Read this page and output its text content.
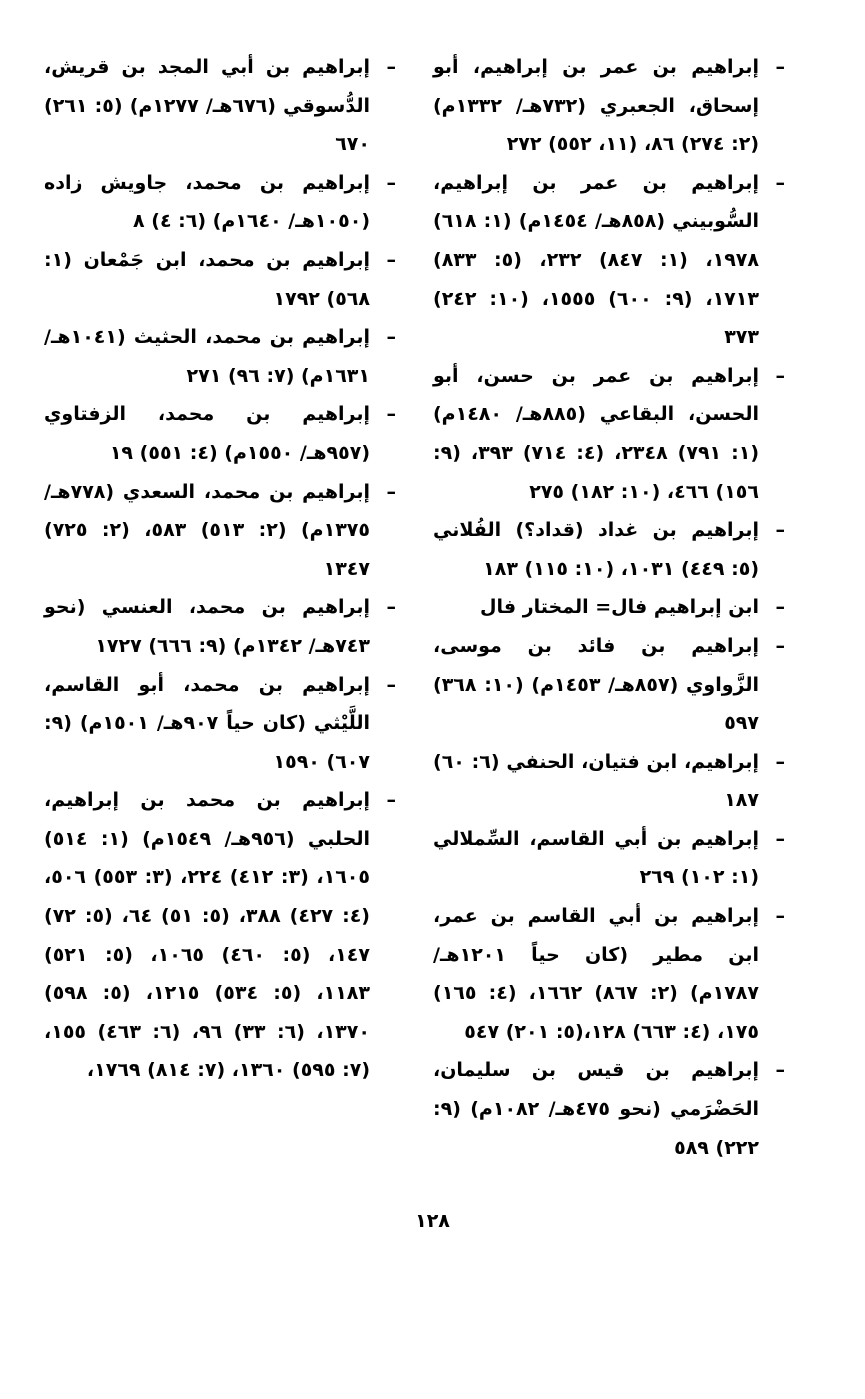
–
إبراهيم بن عمر بن إبراهيم، أبو إسحاق، الجعبري (٧٣٢هـ/ ١٣٣٢م) (٢: ٢٧٤) ٨٦، (١١، ٥٥٢) ٢٧٢
–
إبراهيم بن عمر بن إبراهيم، السُّوبيني (٨٥٨هـ/ ١٤٥٤م) (١: ٦١٨) ١٩٧٨، (١: ٨٤٧) ٢٣٢، (٥: ٨٣٣) ١٧١٣، (٩: ٦٠٠) ١٥٥٥، (١٠: ٢٤٢) ٣٧٣
–
إبراهيم بن عمر بن حسن، أبو الحسن، البقاعي (٨٨٥هـ/ ١٤٨٠م) (١: ٧٩١) ٢٣٤٨، (٤: ٧١٤) ٣٩٣، (٩: ١٥٦) ٤٦٦، (١٠: ١٨٢) ٢٧٥
–
إبراهيم بن غداد (قداد؟) الفُلاني (٥: ٤٤٩) ١٠٣١، (١٠: ١١٥) ١٨٣
–
ابن إبراهيم فال= المختار فال
–
إبراهيم بن فائد بن موسى، الزَّواوي (٨٥٧هـ/ ١٤٥٣م) (١٠: ٣٦٨) ٥٩٧
–
إبراهيم، ابن فتيان، الحنفي (٦: ٦٠) ١٨٧
–
إبراهيم بن أبي القاسم، السِّملالي (١: ١٠٢) ٢٦٩
–
إبراهيم بن أبي القاسم بن عمر، ابن مطير (كان حياً ١٢٠١هـ/ ١٧٨٧م) (٢: ٨٦٧) ١٦٦٢، (٤: ١٦٥) ١٧٥، (٤: ٦٦٣) ١٢٨،(٥: ٢٠١) ٥٤٧
–
إبراهيم بن قيس بن سليمان، الحَضْرَمي (نحو ٤٧٥هـ/ ١٠٨٢م) (٩: ٢٢٢) ٥٨٩
–
إبراهيم بن أبي المجد بن قريش، الدُّسوقي (٦٧٦هـ/ ١٢٧٧م) (٥: ٢٦١) ٦٧٠
–
إبراهيم بن محمد، جاويش زاده (١٠٥٠هـ/ ١٦٤٠م) (٦: ٤) ٨
–
إبراهيم بن محمد، ابن جَمْعان (١: ٥٦٨) ١٧٩٢
–
إبراهيم بن محمد، الحثيث (١٠٤١هـ/ ١٦٣١م) (٧: ٩٦) ٢٧١
–
إبراهيم بن محمد، الزفتاوي (٩٥٧هـ/ ١٥٥٠م) (٤: ٥٥١) ١٩
–
إبراهيم بن محمد، السعدي (٧٧٨هـ/ ١٣٧٥م) (٢: ٥١٣) ٥٨٣، (٢: ٧٢٥) ١٣٤٧
–
إبراهيم بن محمد، العنسي (نحو ٧٤٣هـ/ ١٣٤٢م) (٩: ٦٦٦) ١٧٢٧
–
إبراهيم بن محمد، أبو القاسم، اللَّيْثي (كان حياً ٩٠٧هـ/ ١٥٠١م) (٩: ٦٠٧) ١٥٩٠
–
إبراهيم بن محمد بن إبراهيم، الحلبي (٩٥٦هـ/ ١٥٤٩م) (١: ٥١٤) ١٦٠٥، (٣: ٤١٢) ٢٢٤، (٣: ٥٥٣) ٥٠٦، (٤: ٤٢٧) ٣٨٨، (٥: ٥١) ٦٤، (٥: ٧٢) ١٤٧، (٥: ٤٦٠) ١٠٦٥، (٥: ٥٢١) ١١٨٣، (٥: ٥٣٤) ١٢١٥، (٥: ٥٩٨) ١٣٧٠، (٦: ٣٣) ٩٦، (٦: ٤٦٣) ١٥٥، (٧: ٥٩٥) ١٣٦٠، (٧: ٨١٤) ١٧٦٩،
١٢٨
